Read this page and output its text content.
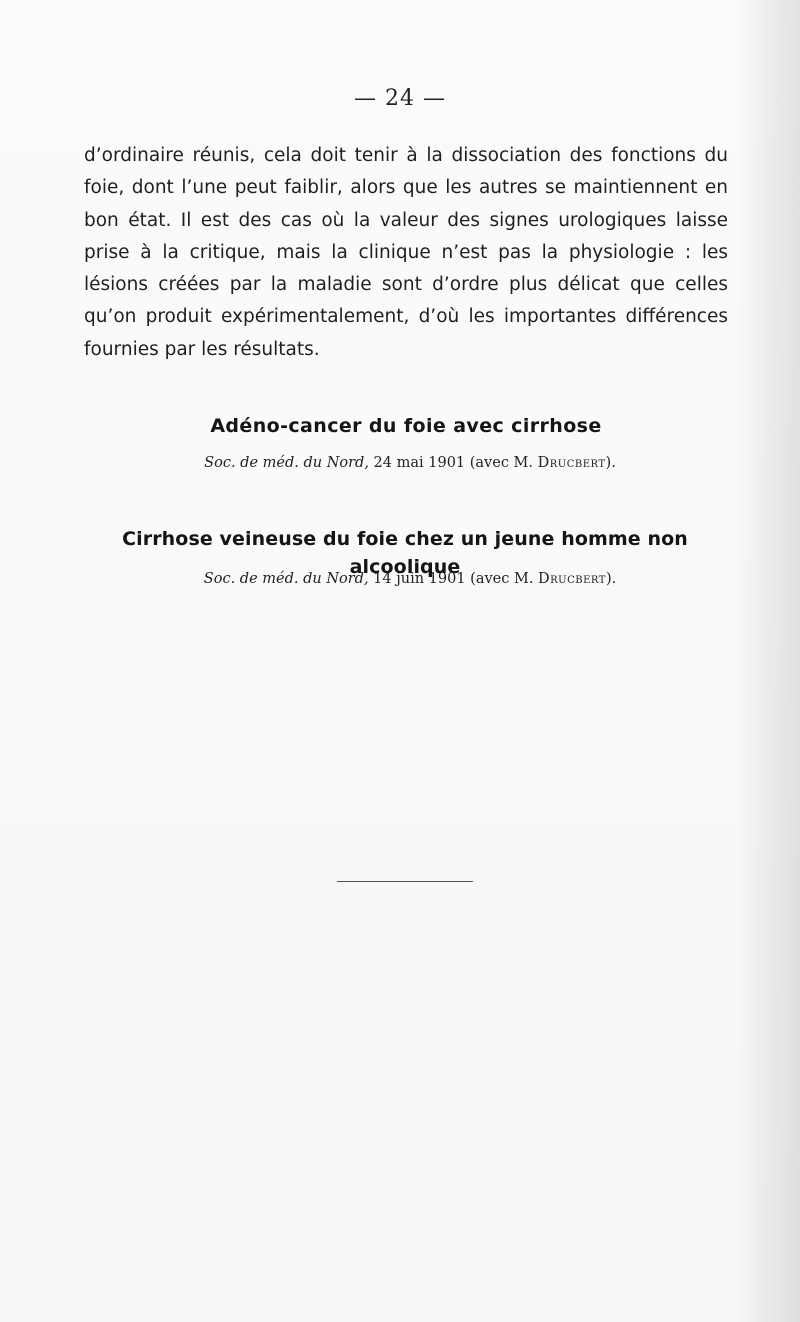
— 24 —

d’ordinaire réunis, cela doit tenir à la dissociation des fonctions du foie, dont l’une peut faiblir, alors que les autres se maintiennent en bon état. Il est des cas où la valeur des signes urologiques laisse prise à la critique, mais la clinique n’est pas la physiologie : les lésions créées par la maladie sont d’ordre plus délicat que celles qu’on produit expérimentalement, d’où les importantes différences fournies par les résultats.

Adéno-cancer du foie avec cirrhose
Soc. de méd. du Nord, 24 mai 1901 (avec M. Drucbert).
Cirrhose veineuse du foie chez un jeune homme non alcoolique
Soc. de méd. du Nord, 14 juin 1901 (avec M. Drucbert).
